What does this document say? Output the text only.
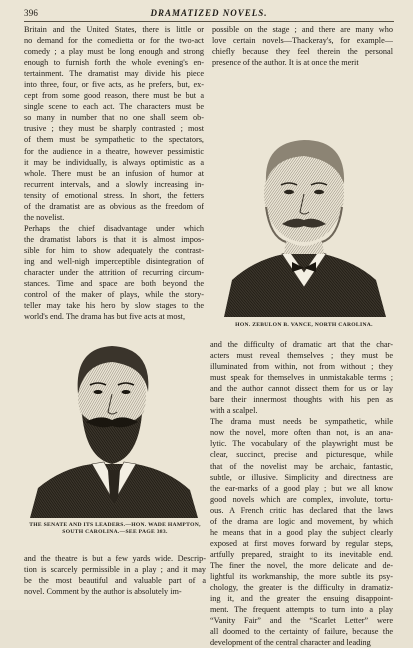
396	DRAMATIZED NOVELS.
Britain and the United States, there is little or
no demand for the comedietta or for the two-act
comedy ; a play must be long enough and strong
enough to furnish forth the whole evening's en-
tertainment. The dramatist may divide his piece
into three, four, or five acts, as he prefers, but, ex-
cept from some good reason, there must be but a
single scene to each act. The characters must be
so many in number that no one shall seem ob-
trusive ; they must be sharply contrasted ; most
of them must be sympathetic to the spectators,
for the audience in a theatre, however pessimistic
it may be individually, is always optimistic as a
whole. There must be an infusion of humor at
recurrent intervals, and a slowly increasing in-
tensity of emotional stress. In short, the fetters
of the dramatist are as obvious as the freedom of
the novelist.
Perhaps the chief disadvantage under which
the dramatist labors is that it is almost impos-
sible for him to show adequately the contrast-
ing and well-nigh imperceptible disintegration of
character under the attrition of recurring circum-
stances. Time and space are both beyond the
control of the maker of plays, while the story-
teller may take his hero by slow stages to the
world's end. The drama has but five acts at most,
possible on the stage ; and there are many who
love certain novels—Thackeray's, for example—
chiefly because they feel therein the personal
presence of the author. It is at once the merit
HON. ZEBULON B. VANCE, NORTH CAROLINA.
THE SENATE AND ITS LEADERS.—HON. WADE HAMPTON,
SOUTH CAROLINA.—SEE PAGE 383.
and the difficulty of dramatic art that the char-
acters must reveal themselves ; they must be
illuminated from within, not from without ; they
must speak for themselves in unmistakable terms ;
and the author cannot dissect them for us or lay
bare their innermost thoughts with his pen as
with a scalpel.
The drama must needs be sympathetic, while
now the novel, more often than not, is an ana-
lytic. The vocabulary of the playwright must be
clear, succinct, precise and picturesque, while
that of the novelist may be archaic, fantastic,
subtle, or illusive. Simplicity and directness are
the ear-marks of a good play ; but we all know
good novels which are complex, involute, tortu-
ous. A French critic has declared that the laws
of the drama are logic and movement, by which
he means that in a good play the subject clearly
exposed at first moves forward by regular steps,
artfully prepared, straight to its inevitable end.
The finer the novel, the more delicate and de-
lightful its workmanship, the more subtle its psy-
chology, the greater is the difficulty in dramatiz-
ing it, and the greater the ensuing disappoint-
ment. The frequent attempts to turn into a play
“Vanity Fair” and the “Scarlet Letter” were
all doomed to the certainty of failure, because the
development of the central character and leading
and the theatre is but a few yards wide. Descrip-
tion is scarcely permissible in a play ; and it may
be the most beautiful and valuable part of a
novel. Comment by the author is absolutely im-
